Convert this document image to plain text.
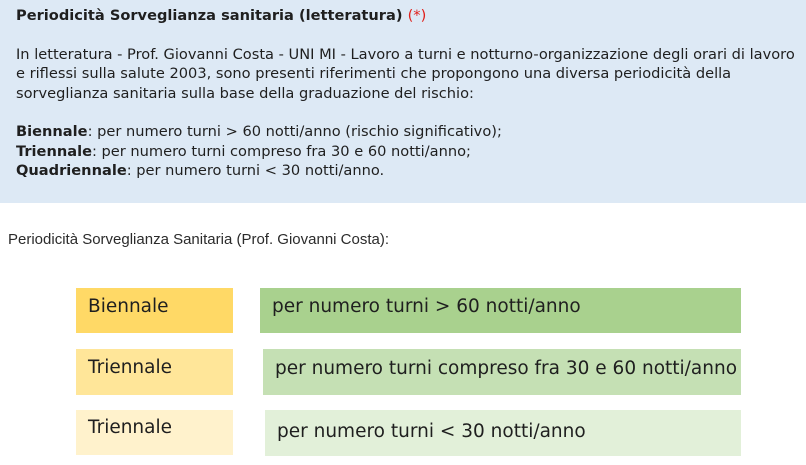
Periodicità Sorveglianza sanitaria (letteratura) (*)

In letteratura - Prof. Giovanni Costa - UNI MI - Lavoro a turni e notturno-organizzazione degli orari di lavoro e riflessi sulla salute 2003, sono presenti riferimenti che propongono una diversa periodicità della sorveglianza sanitaria sulla base della graduazione del rischio:

Biennale: per numero turni > 60 notti/anno (rischio significativo);
Triennale: per numero turni compreso fra 30 e 60 notti/anno;
Quadriennale: per numero turni < 30 notti/anno.
Periodicità Sorveglianza Sanitaria (Prof. Giovanni Costa):
Biennale	per numero turni > 60 notti/anno
Triennale	per numero turni compreso fra 30 e 60 notti/anno
Triennale	per numero turni < 30 notti/anno
